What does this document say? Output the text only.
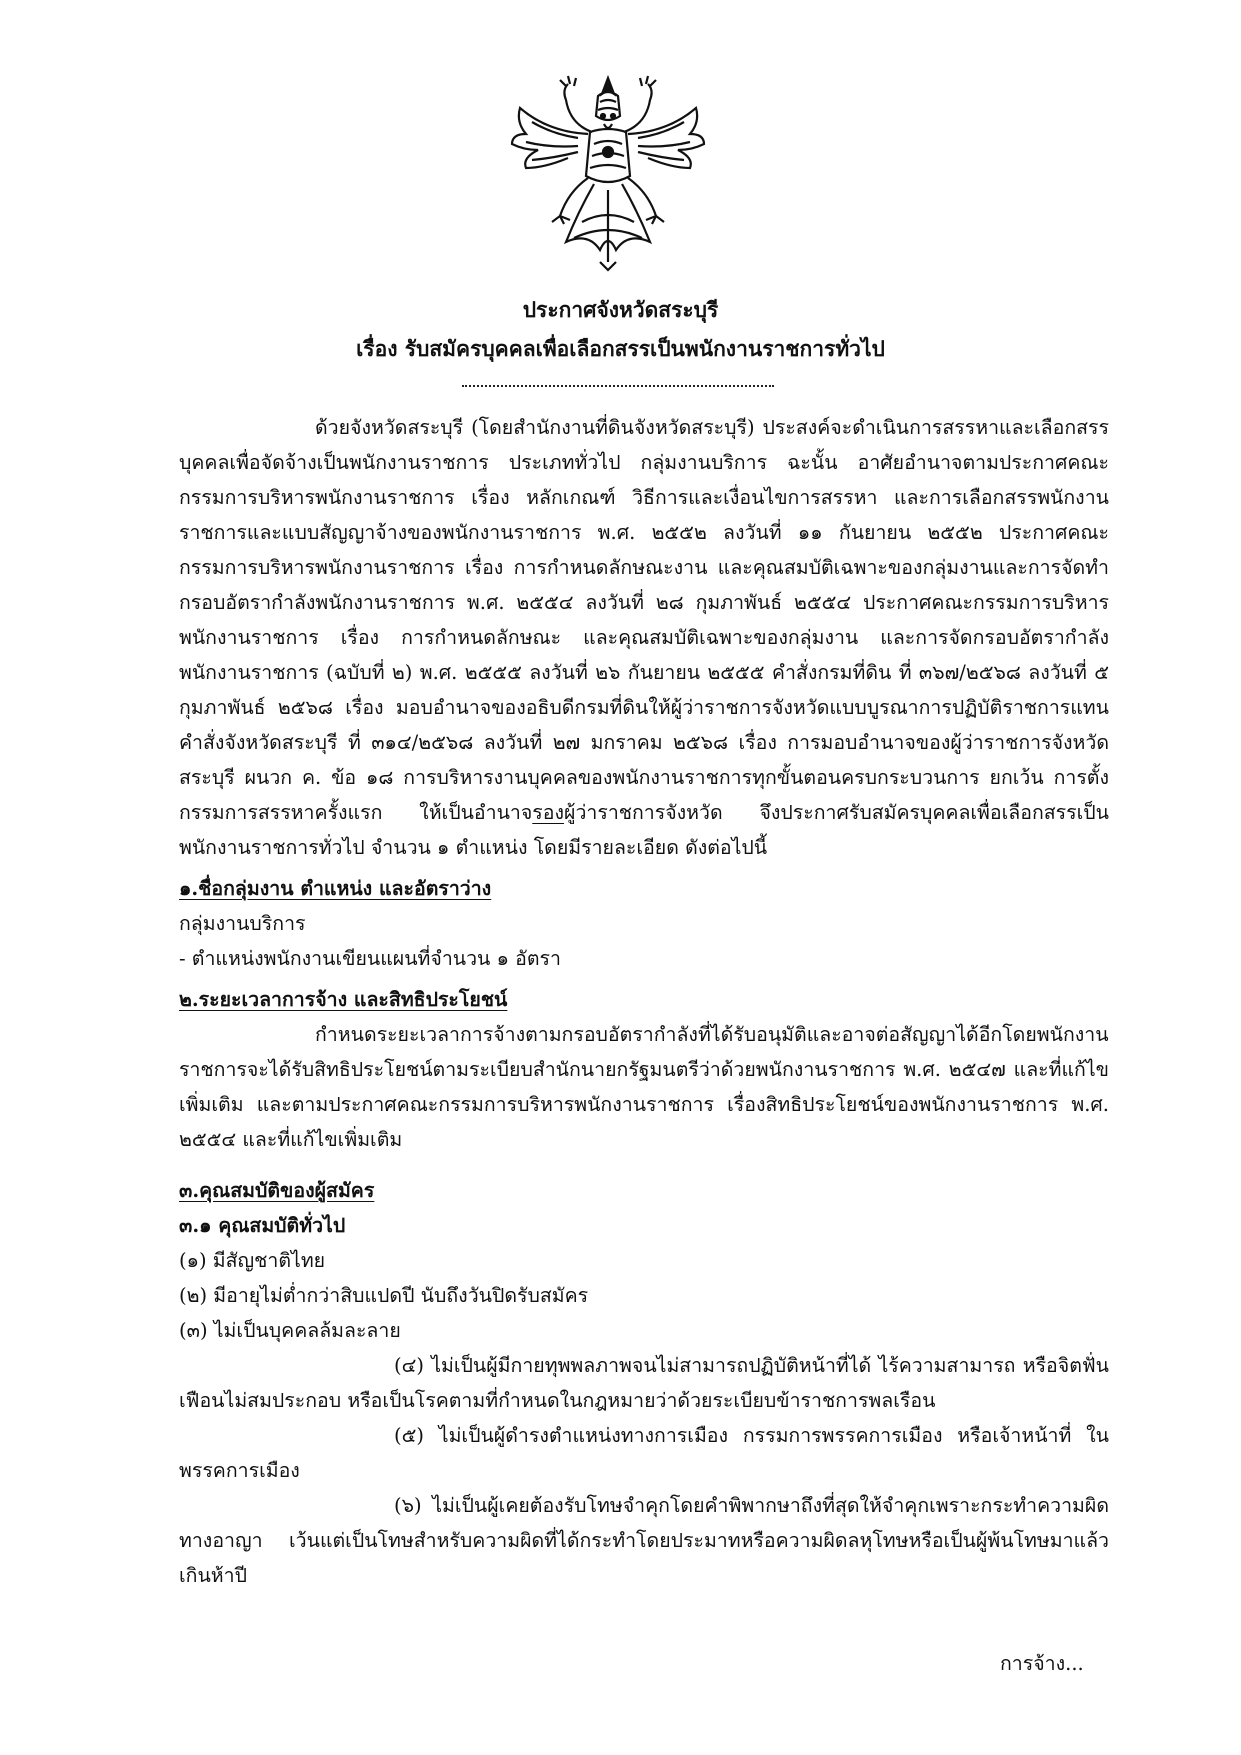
ประกาศจังหวัดสระบุรี
เรื่อง รับสมัครบุคคลเพื่อเลือกสรรเป็นพนักงานราชการทั่วไป

ด้วยจังหวัดสระบุรี (โดยสำนักงานที่ดินจังหวัดสระบุรี) ประสงค์จะดำเนินการสรรหาและเลือกสรรบุคคลเพื่อจัดจ้างเป็นพนักงานราชการ ประเภททั่วไป กลุ่มงานบริการ ฉะนั้น อาศัยอำนาจตามประกาศคณะกรรมการบริหารพนักงานราชการ เรื่อง หลักเกณฑ์ วิธีการและเงื่อนไขการสรรหา และการเลือกสรรพนักงานราชการและแบบสัญญาจ้างของพนักงานราชการ พ.ศ. ๒๕๕๒ ลงวันที่ ๑๑ กันยายน ๒๕๕๒ ประกาศคณะกรรมการบริหารพนักงานราชการ เรื่อง การกำหนดลักษณะงาน และคุณสมบัติเฉพาะของกลุ่มงานและการจัดทำกรอบอัตรากำลังพนักงานราชการ พ.ศ. ๒๕๕๔ ลงวันที่ ๒๘ กุมภาพันธ์ ๒๕๕๔ ประกาศคณะกรรมการบริหารพนักงานราชการ เรื่อง การกำหนดลักษณะ และคุณสมบัติเฉพาะของกลุ่มงาน และการจัดกรอบอัตรากำลังพนักงานราชการ (ฉบับที่ ๒) พ.ศ. ๒๕๕๕ ลงวันที่ ๒๖ กันยายน ๒๕๕๕ คำสั่งกรมที่ดิน ที่ ๓๖๗/๒๕๖๘ ลงวันที่ ๕ กุมภาพันธ์ ๒๕๖๘ เรื่อง มอบอำนาจของอธิบดีกรมที่ดินให้ผู้ว่าราชการจังหวัดแบบบูรณาการปฏิบัติราชการแทน คำสั่งจังหวัดสระบุรี ที่ ๓๑๔/๒๕๖๘ ลงวันที่ ๒๗ มกราคม ๒๕๖๘ เรื่อง การมอบอำนาจของผู้ว่าราชการจังหวัดสระบุรี ผนวก ค. ข้อ ๑๘ การบริหารงานบุคคลของพนักงานราชการทุกขั้นตอนครบกระบวนการ ยกเว้น การตั้งกรรมการสรรหาครั้งแรก ให้เป็นอำนาจรองผู้ว่าราชการจังหวัด จึงประกาศรับสมัครบุคคลเพื่อเลือกสรรเป็นพนักงานราชการทั่วไป จำนวน ๑ ตำแหน่ง โดยมีรายละเอียด ดังต่อไปนี้

๑.ชื่อกลุ่มงาน ตำแหน่ง และอัตราว่าง

กลุ่มงานบริการ

- ตำแหน่งพนักงานเขียนแผนที่จำนวน ๑ อัตรา

๒.ระยะเวลาการจ้าง และสิทธิประโยชน์

กำหนดระยะเวลาการจ้างตามกรอบอัตรากำลังที่ได้รับอนุมัติและอาจต่อสัญญาได้อีกโดยพนักงานราชการจะได้รับสิทธิประโยชน์ตามระเบียบสำนักนายกรัฐมนตรีว่าด้วยพนักงานราชการ พ.ศ. ๒๕๔๗ และที่แก้ไขเพิ่มเติม และตามประกาศคณะกรรมการบริหารพนักงานราชการ เรื่องสิทธิประโยชน์ของพนักงานราชการ พ.ศ. ๒๕๕๔ และที่แก้ไขเพิ่มเติม

๓.คุณสมบัติของผู้สมัคร

๓.๑ คุณสมบัติทั่วไป

(๑) มีสัญชาติไทย

(๒) มีอายุไม่ต่ำกว่าสิบแปดปี นับถึงวันปิดรับสมัคร

(๓) ไม่เป็นบุคคลล้มละลาย

(๔) ไม่เป็นผู้มีกายทุพพลภาพจนไม่สามารถปฏิบัติหน้าที่ได้ ไร้ความสามารถ หรือจิตฟั่นเฟือนไม่สมประกอบ หรือเป็นโรคตามที่กำหนดในกฎหมายว่าด้วยระเบียบข้าราชการพลเรือน

(๕) ไม่เป็นผู้ดำรงตำแหน่งทางการเมือง กรรมการพรรคการเมือง หรือเจ้าหน้าที่ ในพรรคการเมือง

(๖) ไม่เป็นผู้เคยต้องรับโทษจำคุกโดยคำพิพากษาถึงที่สุดให้จำคุกเพราะกระทำความผิดทางอาญา เว้นแต่เป็นโทษสำหรับความผิดที่ได้กระทำโดยประมาทหรือความผิดลหุโทษหรือเป็นผู้พ้นโทษมาแล้วเกินห้าปี

การจ้าง...
